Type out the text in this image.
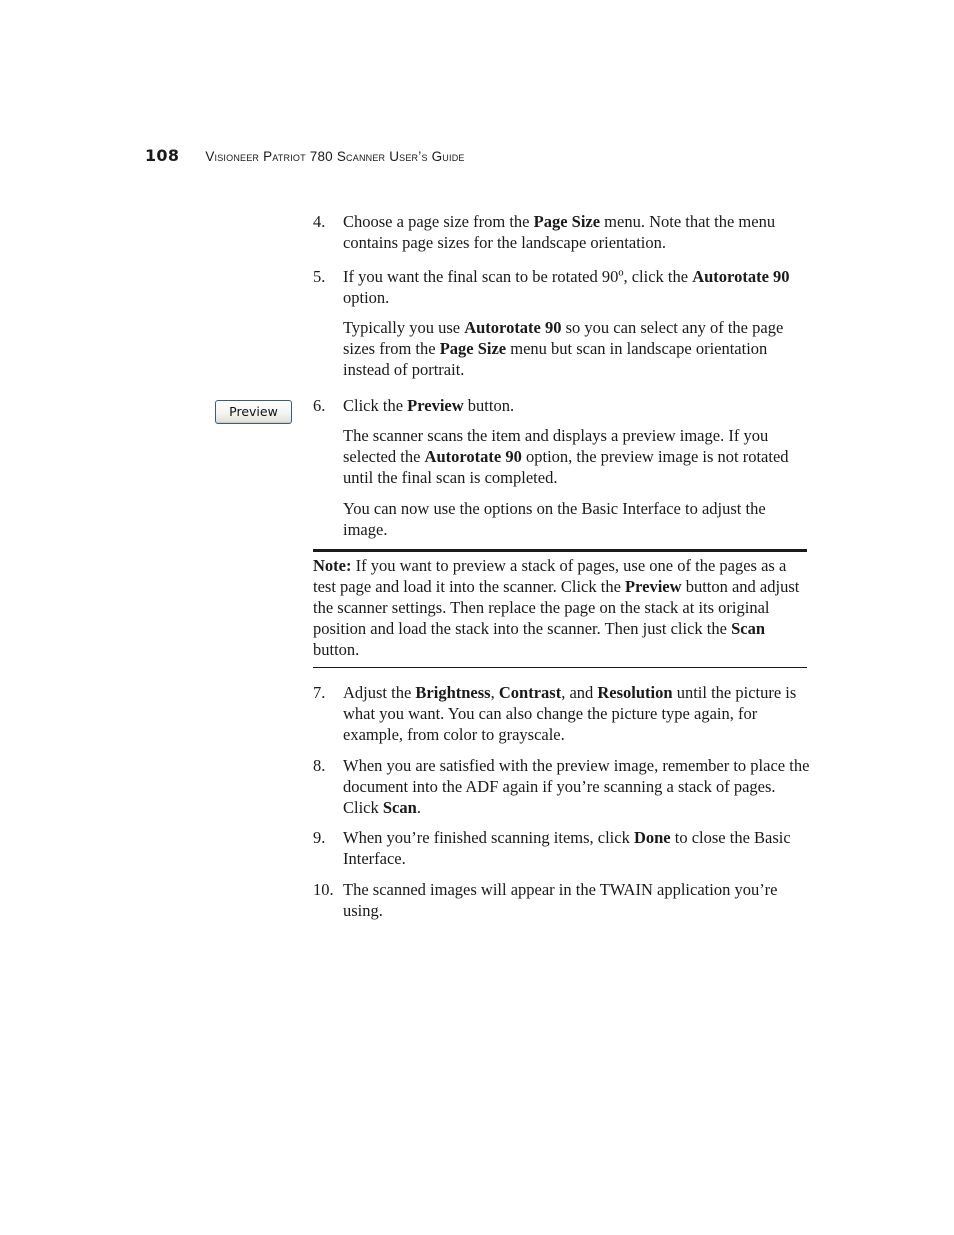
108 Visioneer Patriot 780 Scanner User’s Guide
4. Choose a page size from the Page Size menu. Note that the menu contains page sizes for the landscape orientation.
5. If you want the final scan to be rotated 90º, click the Autorotate 90 option.

Typically you use Autorotate 90 so you can select any of the page sizes from the Page Size menu but scan in landscape orientation instead of portrait.

Preview	6. Click the Preview button.

The scanner scans the item and displays a preview image. If you selected the Autorotate 90 option, the preview image is not rotated until the final scan is completed.

You can now use the options on the Basic Interface to adjust the image.

Note: If you want to preview a stack of pages, use one of the pages as a test page and load it into the scanner. Click the Preview button and adjust the scanner settings. Then replace the page on the stack at its original position and load the stack into the scanner. Then just click the Scan button.
7. Adjust the Brightness, Contrast, and Resolution until the picture is what you want. You can also change the picture type again, for example, from color to grayscale.
8. When you are satisfied with the preview image, remember to place the document into the ADF again if you’re scanning a stack of pages. Click Scan.
9. When you’re finished scanning items, click Done to close the Basic Interface.
10. The scanned images will appear in the TWAIN application you’re using.
